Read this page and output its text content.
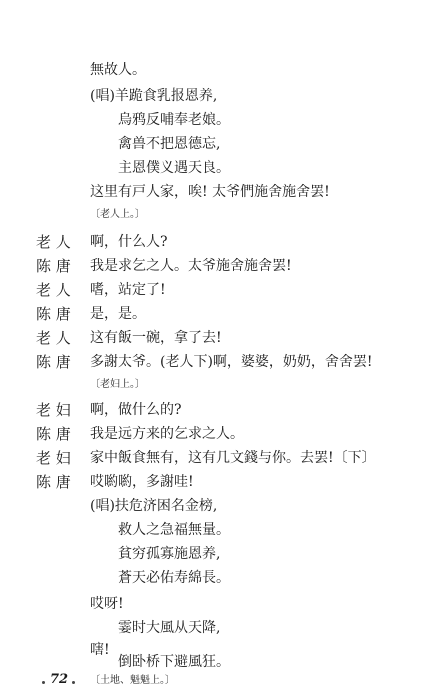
無故人。
(唱)羊跪食乳报恩养,
烏鸦反哺奉老娘。
禽兽不把恩德忘,
主恩僕义遇天良。
这里有戸人家，唉! 太爷們施舍施舍罢!
〔老人上。〕
老 人	啊，什么人?
陈 唐	我是求乞之人。太爷施舍施舍罢!
老 人	嗜，站定了!
陈 唐	是，是。
老 人	这有飯一碗，拿了去!
陈 唐	多謝太爷。(老人下)啊，婆婆，奶奶，舍舍罢!
〔老妇上。〕
老 妇	啊，做什么的?
陈 唐	我是远方来的乞求之人。
老 妇	家中飯食無有，这有几文錢与你。去罢!〔下〕
陈 唐	哎喲喲，多謝哇!
(唱)扶危济困名金榜,
救人之急福無量。
貧穷孤寡施恩养,
蒼天必佑寿綿長。
哎呀!
霎时大風从天降,
嗐!
倒卧桥下避風狂。
〔土地、魁魁上。〕
72
